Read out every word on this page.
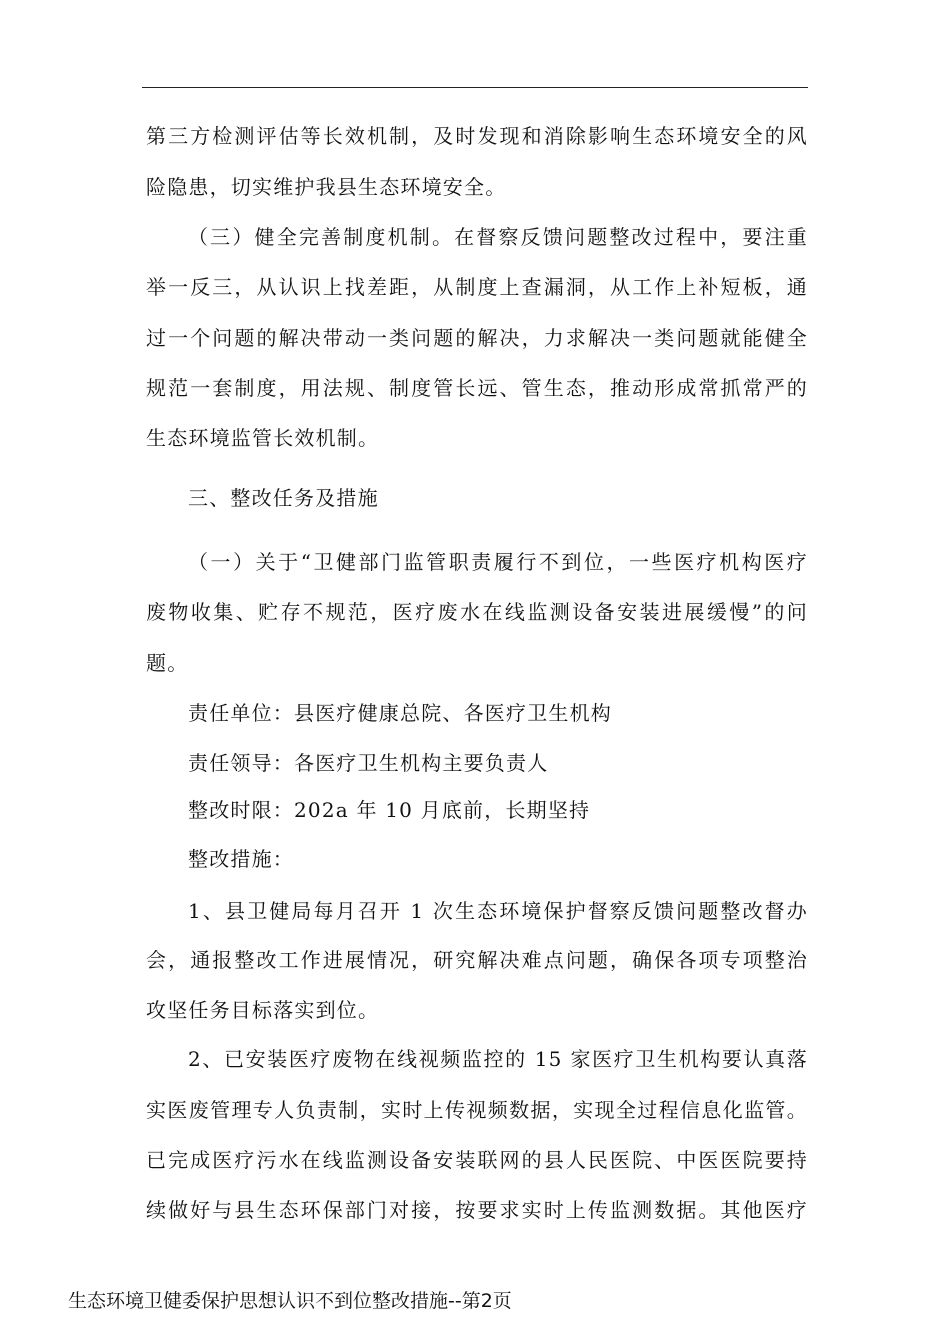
第三方检测评估等长效机制，及时发现和消除影响生态环境安全的风
险隐患，切实维护我县生态环境安全。
（三）健全完善制度机制。在督察反馈问题整改过程中，要注重
举一反三，从认识上找差距，从制度上查漏洞，从工作上补短板，通
过一个问题的解决带动一类问题的解决，力求解决一类问题就能健全
规范一套制度，用法规、制度管长远、管生态，推动形成常抓常严的
生态环境监管长效机制。
三、整改任务及措施
（一）关于“卫健部门监管职责履行不到位，一些医疗机构医疗
废物收集、贮存不规范，医疗废水在线监测设备安装进展缓慢”的问
题。
责任单位：县医疗健康总院、各医疗卫生机构
责任领导：各医疗卫生机构主要负责人
整改时限：202a 年 10 月底前，长期坚持
整改措施：
1、县卫健局每月召开 1 次生态环境保护督察反馈问题整改督办
会，通报整改工作进展情况，研究解决难点问题，确保各项专项整治
攻坚任务目标落实到位。
2、已安装医疗废物在线视频监控的 15 家医疗卫生机构要认真落
实医废管理专人负责制，实时上传视频数据，实现全过程信息化监管。
已完成医疗污水在线监测设备安装联网的县人民医院、中医医院要持
续做好与县生态环保部门对接，按要求实时上传监测数据。其他医疗
生态环境卫健委保护思想认识不到位整改措施--第2页
